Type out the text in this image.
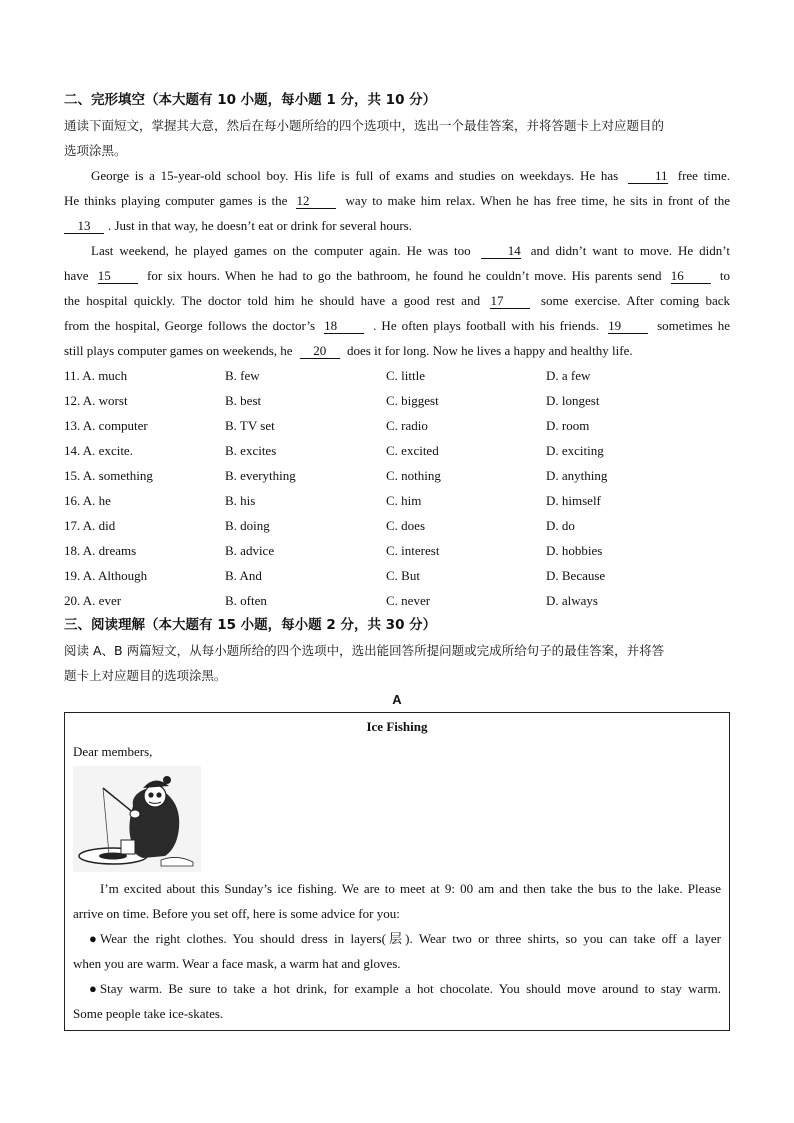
二、完形填空（本大题有 10 小题，每小题 1 分，共 10 分）
通读下面短文，掌握其大意，然后在每小题所给的四个选项中，选出一个最佳答案，并将答题卡上对应题目的
选项涂黑。
George is a 15-year-old school boy. His life is full of exams and studies on weekdays. He has	11 free time.
He thinks playing computer games is the 12	way to make him relax. When he has free time, he sits in front of the
13 . Just in that way, he doesn’t eat or drink for several hours.
Last weekend, he played games on the computer again. He was too	14 and didn’t want to move. He didn’t
have 15	for six hours. When he had to go the bathroom, he found he couldn’t move. His parents send 16	to
the hospital quickly. The doctor told him he should have a good rest and 17	some exercise. After coming back
from the hospital, George follows the doctor’s 18	. He often plays football with his friends. 19	sometimes he
still plays computer games on weekends, he 20 does it for long. Now he lives a happy and healthy life.
11. A. much	B. few	C. little	D. a few
12. A. worst	B. best	C. biggest	D. longest
13. A. computer	B. TV set	C. radio	D. room
14. A. excite.	B. excites	C. excited	D. exciting
15. A. something	B. everything	C. nothing	D. anything
16. A. he	B. his	C. him	D. himself
17. A. did	B. doing	C. does	D. do
18. A. dreams	B. advice	C. interest	D. hobbies
19. A. Although	B. And	C. But	D. Because
20. A. ever	B. often	C. never	D. always
三、阅读理解（本大题有 15 小题，每小题 2 分，共 30 分）
阅读 A、B 两篇短文，从每小题所给的四个选项中，选出能回答所提问题或完成所给句子的最佳答案，并将答
题卡上对应题目的选项涂黑。
A
Ice Fishing
Dear members,
I’m excited about this Sunday’s ice fishing. We are to meet at 9: 00 am and then take the bus to the lake. Please
arrive on time. Before you set off, here is some advice for you:
●Wear the right clothes. You should dress in layers(层). Wear two or three shirts, so you can take off a layer
when you are warm. Wear a face mask, a warm hat and gloves.
●Stay warm. Be sure to take a hot drink, for example a hot chocolate. You should move around to stay warm.
Some people take ice-skates.
